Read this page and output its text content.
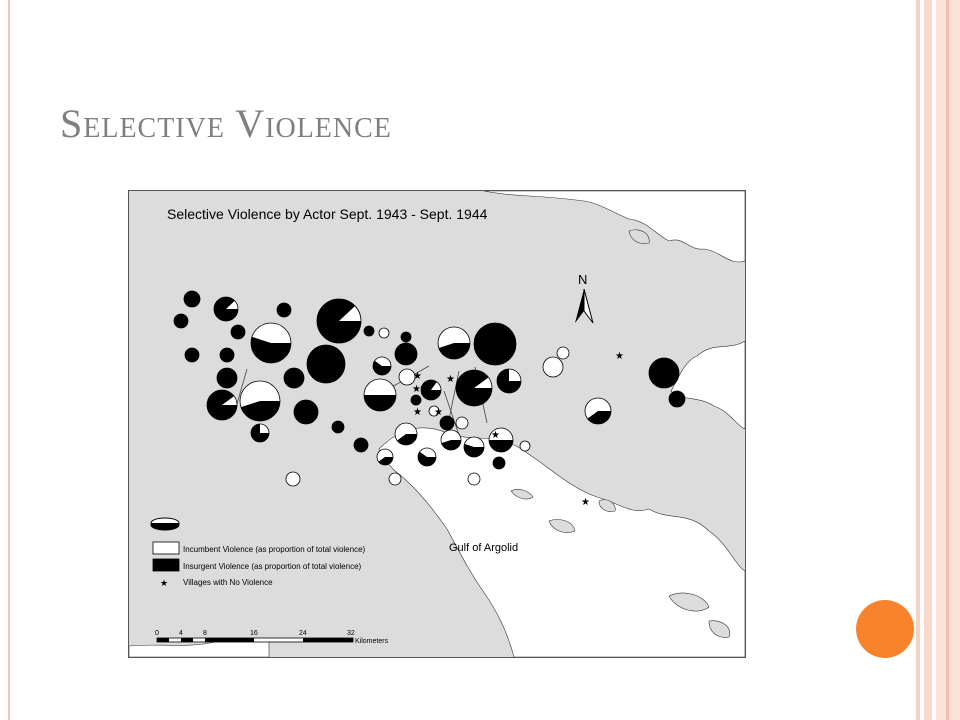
Selective Violence
Selective Violence by Actor Sept. 1943 - Sept. 1944
N
★ ★
★
★ ★
★
★
★
Gulf of Argolid
Incumbent Violence (as proportion of total violence)
Insurgent Violence (as proportion of total violence)
★ Villages with No Violence
0	4	8	16	24	32
Kilometers
